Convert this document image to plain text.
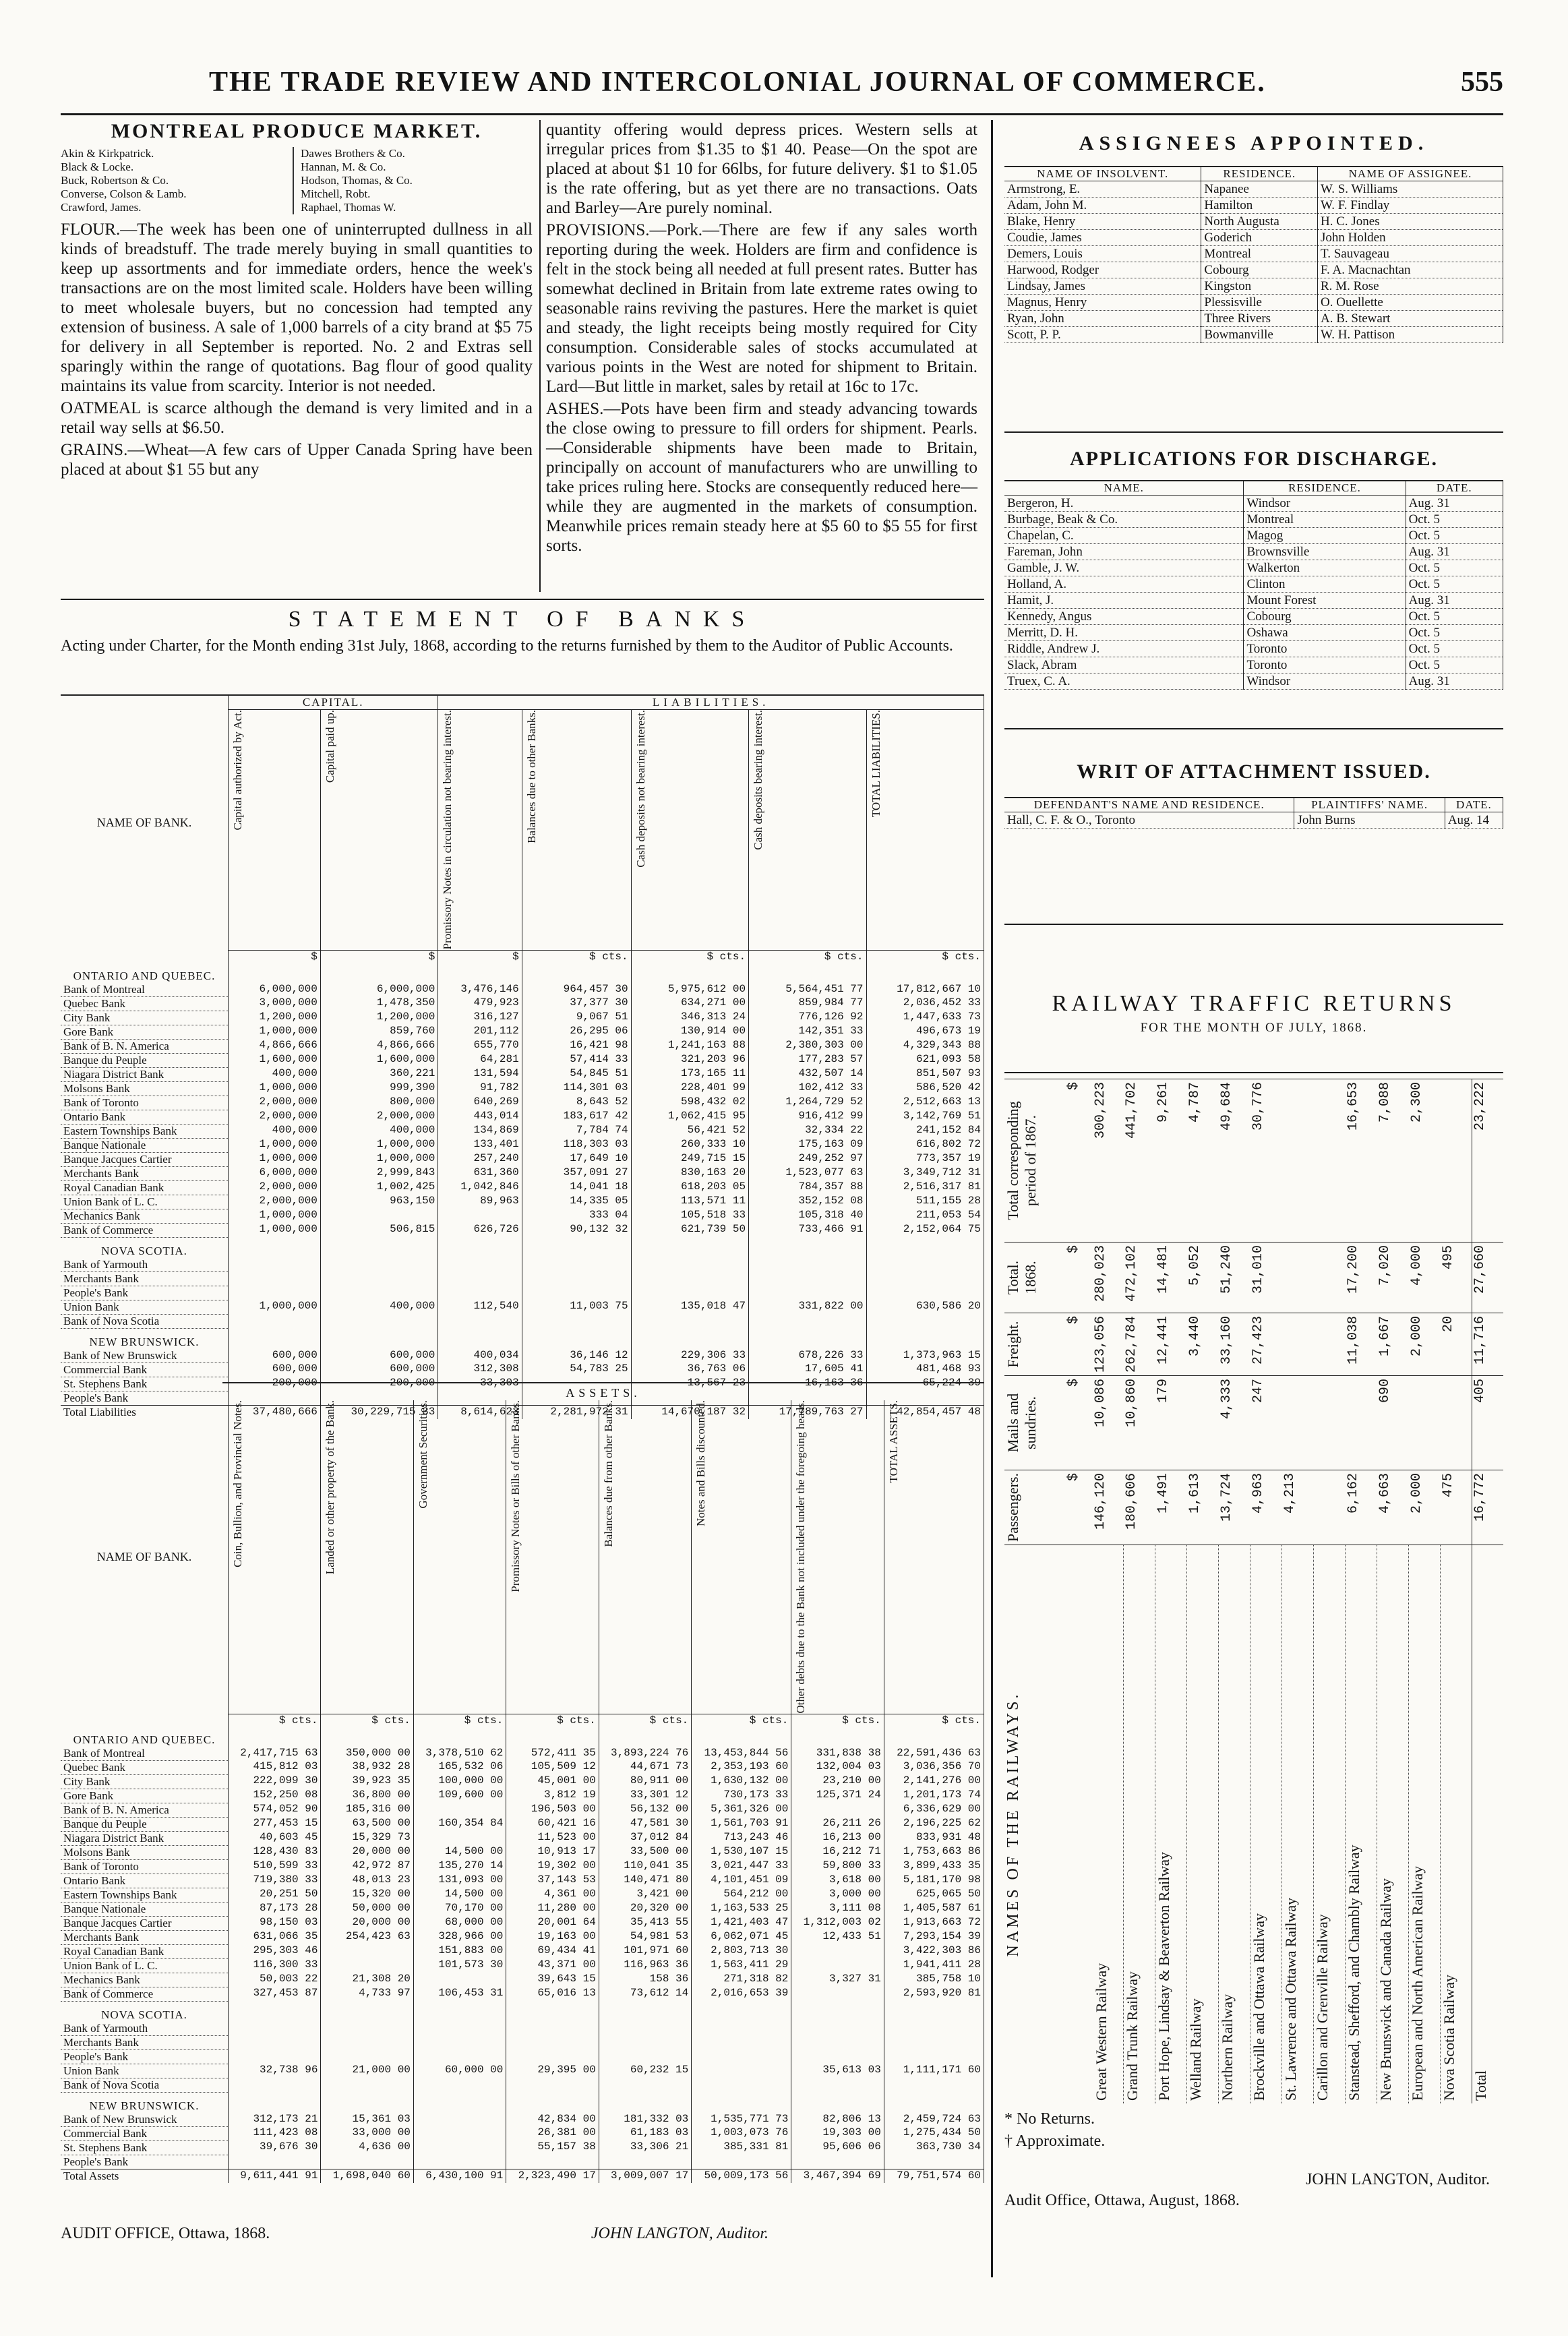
THE TRADE REVIEW AND INTERCOLONIAL JOURNAL OF COMMERCE.	555
MONTREAL PRODUCE MARKET.
Akin & Kirkpatrick.
Black & Locke.
Buck, Robertson & Co.
Converse, Colson & Lamb.
Crawford, James.
Dawes Brothers & Co.
Hannan, M. & Co.
Hodson, Thomas, & Co.
Mitchell, Robt.
Raphael, Thomas W.

FLOUR.—The week has been one of uninterrupted dullness in all kinds of breadstuff. The trade merely buying in small quantities to keep up assortments and for immediate orders, hence the week's transactions are on the most limited scale. Holders have been willing to meet wholesale buyers, but no concession had tempted any extension of business. A sale of 1,000 barrels of a city brand at $5 75 for delivery in all September is reported. No. 2 and Extras sell sparingly within the range of quotations. Bag flour of good quality maintains its value from scarcity. Interior is not needed.

OATMEAL is scarce although the demand is very limited and in a retail way sells at $6.50.

GRAINS.—Wheat—A few cars of Upper Canada Spring have been placed at about $1 55 but any

quantity offering would depress prices. Western sells at irregular prices from $1.35 to $1 40. Pease—On the spot are placed at about $1 10 for 66lbs, for future delivery. $1 to $1.05 is the rate offering, but as yet there are no transactions. Oats and Barley—Are purely nominal.

PROVISIONS.—Pork.—There are few if any sales worth reporting during the week. Holders are firm and confidence is felt in the stock being all needed at full present rates. Butter has somewhat declined in Britain from late extreme rates owing to seasonable rains reviving the pastures. Here the market is quiet and steady, the light receipts being mostly required for City consumption. Considerable sales of stocks accumulated at various points in the West are noted for shipment to Britain. Lard—But little in market, sales by retail at 16c to 17c.

ASHES.—Pots have been firm and steady advancing towards the close owing to pressure to fill orders for shipment. Pearls.—Considerable shipments have been made to Britain, principally on account of manufacturers who are unwilling to take prices ruling here. Stocks are consequently reduced here—while they are augmented in the markets of consumption. Meanwhile prices remain steady here at $5 60 to $5 55 for first sorts.

STATEMENT OF BANKS
Acting under Charter, for the Month ending 31st July, 1868, according to the returns furnished by them to the Auditor of Public Accounts.
NAME OF BANK.	CAPITAL.		LIABILITIES.				

	Capital authorized by Act.	Capital paid up.	Promissory Notes in circulation not bearing interest.	Balances due to other Banks.	Cash deposits not bearing interest.	Cash deposits bearing interest.	TOTAL LIABILITIES.

	$	$	$	$ cts.	$ cts.	$ cts.	$ cts.
ONTARIO AND QUEBEC.							
Bank of Montreal	6,000,000	6,000,000	3,476,146	964,457 30	5,975,612 00	5,564,451 77	17,812,667 10
Quebec Bank	3,000,000	1,478,350	479,923	37,377 30	634,271 00	859,984 77	2,036,452 33
City Bank	1,200,000	1,200,000	316,127	9,067 51	346,313 24	776,126 92	1,447,633 73
Gore Bank	1,000,000	859,760	201,112	26,295 06	130,914 00	142,351 33	496,673 19
Bank of B. N. America	4,866,666	4,866,666	655,770	16,421 98	1,241,163 88	2,380,303 00	4,329,343 88
Banque du Peuple	1,600,000	1,600,000	64,281	57,414 33	321,203 96	177,283 57	621,093 58
Niagara District Bank	400,000	360,221	131,594	54,845 51	173,165 11	432,507 14	851,507 93
Molsons Bank	1,000,000	999,390	91,782	114,301 03	228,401 99	102,412 33	586,520 42
Bank of Toronto	2,000,000	800,000	640,269	8,643 52	598,432 02	1,264,729 52	2,512,663 13
Ontario Bank	2,000,000	2,000,000	443,014	183,617 42	1,062,415 95	916,412 99	3,142,769 51
Eastern Townships Bank	400,000	400,000	134,869	7,784 74	56,421 52	32,334 22	241,152 84
Banque Nationale	1,000,000	1,000,000	133,401	118,303 03	260,333 10	175,163 09	616,802 72
Banque Jacques Cartier	1,000,000	1,000,000	257,240	17,649 10	249,715 15	249,252 97	773,357 19
Merchants Bank	6,000,000	2,999,843	631,360	357,091 27	830,163 20	1,523,077 63	3,349,712 31
Royal Canadian Bank	2,000,000	1,002,425	1,042,846	14,041 18	618,203 05	784,357 88	2,516,317 81
Union Bank of L. C.	2,000,000	963,150	89,963	14,335 05	113,571 11	352,152 08	511,155 28
Mechanics Bank	1,000,000			333 04	105,518 33	105,318 40	211,053 54
Bank of Commerce	1,000,000	506,815	626,726	90,132 32	621,739 50	733,466 91	2,152,064 75
NOVA SCOTIA.							
Bank of Yarmouth							
Merchants Bank							
People's Bank							
Union Bank	1,000,000	400,000	112,540	11,003 75	135,018 47	331,822 00	630,586 20
Bank of Nova Scotia							
NEW BRUNSWICK.							
Bank of New Brunswick	600,000	600,000	400,034	36,146 12	229,306 33	678,226 33	1,373,963 15
Commercial Bank	600,000	600,000	312,308	54,783 25	36,763 06	17,605 41	481,468 93
St. Stephens Bank	200,000	200,000	33,303		13,567 23	16,163 36	65,224 39
People's Bank							
Total Liabilities	37,480,666	30,229,715 33	8,614,623	2,281,972 31	14,670,187 32	17,789,763 27	42,854,457 48
ASSETS.
NAME OF BANK.	Coin, Bullion, and Provincial Notes.	Landed or other property of the Bank.	Government Securities.	Promissory Notes or Bills of other Banks.	Balances due from other Banks.	Notes and Bills discounted.	Other debts due to the Bank not included under the foregoing heads.	TOTAL ASSETS.

	$ cts.	$ cts.	$ cts.	$ cts.	$ cts.	$ cts.	$ cts.	$ cts.
ONTARIO AND QUEBEC.								
Bank of Montreal	2,417,715 63	350,000 00	3,378,510 62	572,411 35	3,893,224 76	13,453,844 56	331,838 38	22,591,436 63
Quebec Bank	415,812 03	38,932 28	165,532 06	105,509 12	44,671 73	2,353,193 60	132,004 03	3,036,356 70
City Bank	222,099 30	39,923 35	100,000 00	45,001 00	80,911 00	1,630,132 00	23,210 00	2,141,276 00
Gore Bank	152,250 08	36,800 00	109,600 00	3,812 19	33,301 12	730,173 33	125,371 24	1,201,173 74
Bank of B. N. America	574,052 90	185,316 00		196,503 00	56,132 00	5,361,326 00		6,336,629 00
Banque du Peuple	277,453 15	63,500 00	160,354 84	60,421 16	47,581 30	1,561,703 91	26,211 26	2,196,225 62
Niagara District Bank	40,603 45	15,329 73		11,523 00	37,012 84	713,243 46	16,213 00	833,931 48
Molsons Bank	128,430 83	20,000 00	14,500 00	10,913 17	33,500 00	1,530,107 15	16,212 71	1,753,663 86
Bank of Toronto	510,599 33	42,972 87	135,270 14	19,302 00	110,041 35	3,021,447 33	59,800 33	3,899,433 35
Ontario Bank	719,380 33	48,013 23	131,093 00	37,143 53	140,471 80	4,101,451 09	3,618 00	5,181,170 98
Eastern Townships Bank	20,251 50	15,320 00	14,500 00	4,361 00	3,421 00	564,212 00	3,000 00	625,065 50
Banque Nationale	87,173 28	50,000 00	70,170 00	11,280 00	20,320 00	1,163,533 25	3,111 08	1,405,587 61
Banque Jacques Cartier	98,150 03	20,000 00	68,000 00	20,001 64	35,413 55	1,421,403 47	1,312,003 02	1,913,663 72
Merchants Bank	631,066 35	254,423 63	328,966 00	19,163 00	54,981 53	6,062,071 45	12,433 51	7,293,154 39
Royal Canadian Bank	295,303 46		151,883 00	69,434 41	101,971 60	2,803,713 30		3,422,303 86
Union Bank of L. C.	116,300 33		101,573 30	43,371 00	116,963 36	1,563,411 29		1,941,411 28
Mechanics Bank	50,003 22	21,308 20		39,643 15	158 36	271,318 82	3,327 31	385,758 10
Bank of Commerce	327,453 87	4,733 97	106,453 31	65,016 13	73,612 14	2,016,653 39		2,593,920 81
NOVA SCOTIA.								
Bank of Yarmouth								
Merchants Bank								
People's Bank								
Union Bank	32,738 96	21,000 00	60,000 00	29,395 00	60,232 15		35,613 03	1,111,171 60
Bank of Nova Scotia								
NEW BRUNSWICK.								
Bank of New Brunswick	312,173 21	15,361 03		42,834 00	181,332 03	1,535,771 73	82,806 13	2,459,724 63
Commercial Bank	111,423 08	33,000 00		26,381 00	61,183 03	1,003,073 76	19,303 00	1,275,434 50
St. Stephens Bank	39,676 30	4,636 00		55,157 38	33,306 21	385,331 81	95,606 06	363,730 34
People's Bank								
Total Assets	9,611,441 91	1,698,040 60	6,430,100 91	2,323,490 17	3,009,007 17	50,009,173 56	3,467,394 69	79,751,574 60
AUDIT OFFICE, Ottawa, 1868.	JOHN LANGTON, Auditor.
ASSIGNEES APPOINTED.
NAME OF INSOLVENT.	RESIDENCE.	NAME OF ASSIGNEE.
Armstrong, E.	Napanee	W. S. Williams
Adam, John M.	Hamilton	W. F. Findlay
Blake, Henry	North Augusta	H. C. Jones
Coudie, James	Goderich	John Holden
Demers, Louis	Montreal	T. Sauvageau
Harwood, Rodger	Cobourg	F. A. Macnachtan
Lindsay, James	Kingston	R. M. Rose
Magnus, Henry	Plessisville	O. Ouellette
Ryan, John	Three Rivers	A. B. Stewart
Scott, P. P.	Bowmanville	W. H. Pattison
APPLICATIONS FOR DISCHARGE.
NAME.	RESIDENCE.	DATE.
Bergeron, H.	Windsor	Aug. 31
Burbage, Beak & Co.	Montreal	Oct. 5
Chapelan, C.	Magog	Oct. 5
Fareman, John	Brownsville	Aug. 31
Gamble, J. W.	Walkerton	Oct. 5
Holland, A.	Clinton	Oct. 5
Hamit, J.	Mount Forest	Aug. 31
Kennedy, Angus	Cobourg	Oct. 5
Merritt, D. H.	Oshawa	Oct. 5
Riddle, Andrew J.	Toronto	Oct. 5
Slack, Abram	Toronto	Oct. 5
Truex, C. A.	Windsor	Aug. 31
WRIT OF ATTACHMENT ISSUED.
DEFENDANT'S NAME AND RESIDENCE.	PLAINTIFFS' NAME.	DATE.
Hall, C. F. & O., Toronto	John Burns	Aug. 14
RAILWAY TRAFFIC RETURNS
FOR THE MONTH OF JULY, 1868.
NAMES OF THE RAILWAYS.	Passengers.	Mails and sundries.	Freight.	Total. 1868.	Total corresponding period of 1867.
	$	$	$	$	$
Great Western Railway	146,120	10,086	123,056	280,023	300,223
Grand Trunk Railway	180,606	10,860	262,784	472,102	441,702
Port Hope, Lindsay & Beaverton Railway	1,491	179	12,441	14,481	9,261
Welland Railway	1,613		3,440	5,052	4,787
Northern Railway	13,724	4,333	33,160	51,240	49,684
Brockville and Ottawa Railway	4,963	247	27,423	31,010	30,776
St. Lawrence and Ottawa Railway	4,213				
Carillon and Grenville Railway					
Stanstead, Shefford, and Chambly Railway	6,162		11,038	17,200	16,653
New Brunswick and Canada Railway	4,663	690	1,667	7,020	7,088
European and North American Railway	2,000		2,000	4,000	2,300
Nova Scotia Railway	475		20	495	
Total	16,772	405	11,716	27,660	23,222
* No Returns.
† Approximate.
JOHN LANGTON, Auditor.
Audit Office, Ottawa, August, 1868.
